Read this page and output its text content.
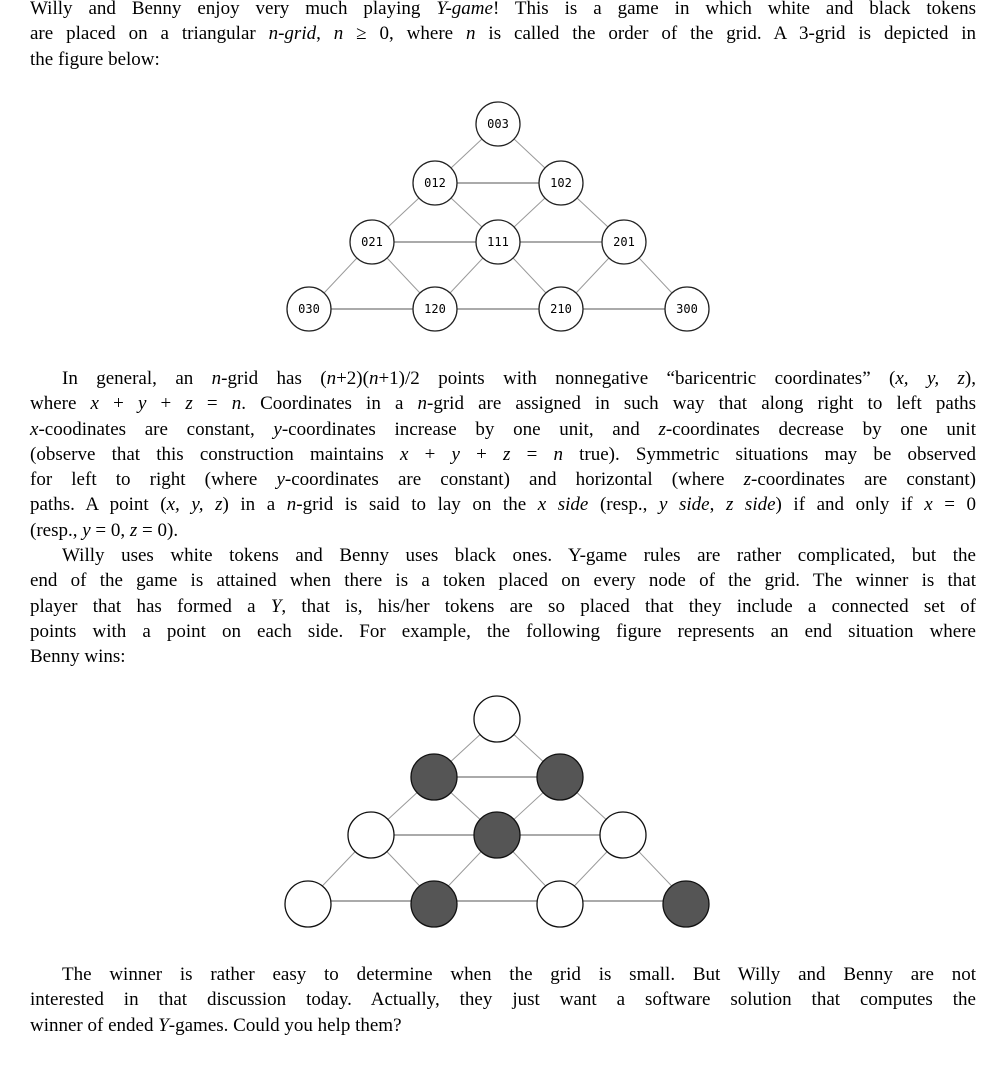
Willy and Benny enjoy very much playing Y-game! This is a game in which white and black tokens
are placed on a triangular n-grid, n ≥ 0, where n is called the order of the grid. A 3-grid is depicted in
the figure below:
003
012	102
021	111	201
030	120	210	300
In general, an n-grid has (n+2)(n+1)/2 points with nonnegative “baricentric coordinates” (x, y, z),
where x + y + z = n. Coordinates in a n-grid are assigned in such way that along right to left paths
x-coodinates are constant, y-coordinates increase by one unit, and z-coordinates decrease by one unit
(observe that this construction maintains x + y + z = n true). Symmetric situations may be observed
for left to right (where y-coordinates are constant) and horizontal (where z-coordinates are constant)
paths. A point (x, y, z) in a n-grid is said to lay on the x side (resp., y side, z side) if and only if x = 0
(resp., y = 0, z = 0).
Willy uses white tokens and Benny uses black ones. Y-game rules are rather complicated, but the
end of the game is attained when there is a token placed on every node of the grid. The winner is that
player that has formed a Y, that is, his/her tokens are so placed that they include a connected set of
points with a point on each side. For example, the following figure represents an end situation where
Benny wins:
The winner is rather easy to determine when the grid is small. But Willy and Benny are not
interested in that discussion today. Actually, they just want a software solution that computes the
winner of ended Y-games. Could you help them?
